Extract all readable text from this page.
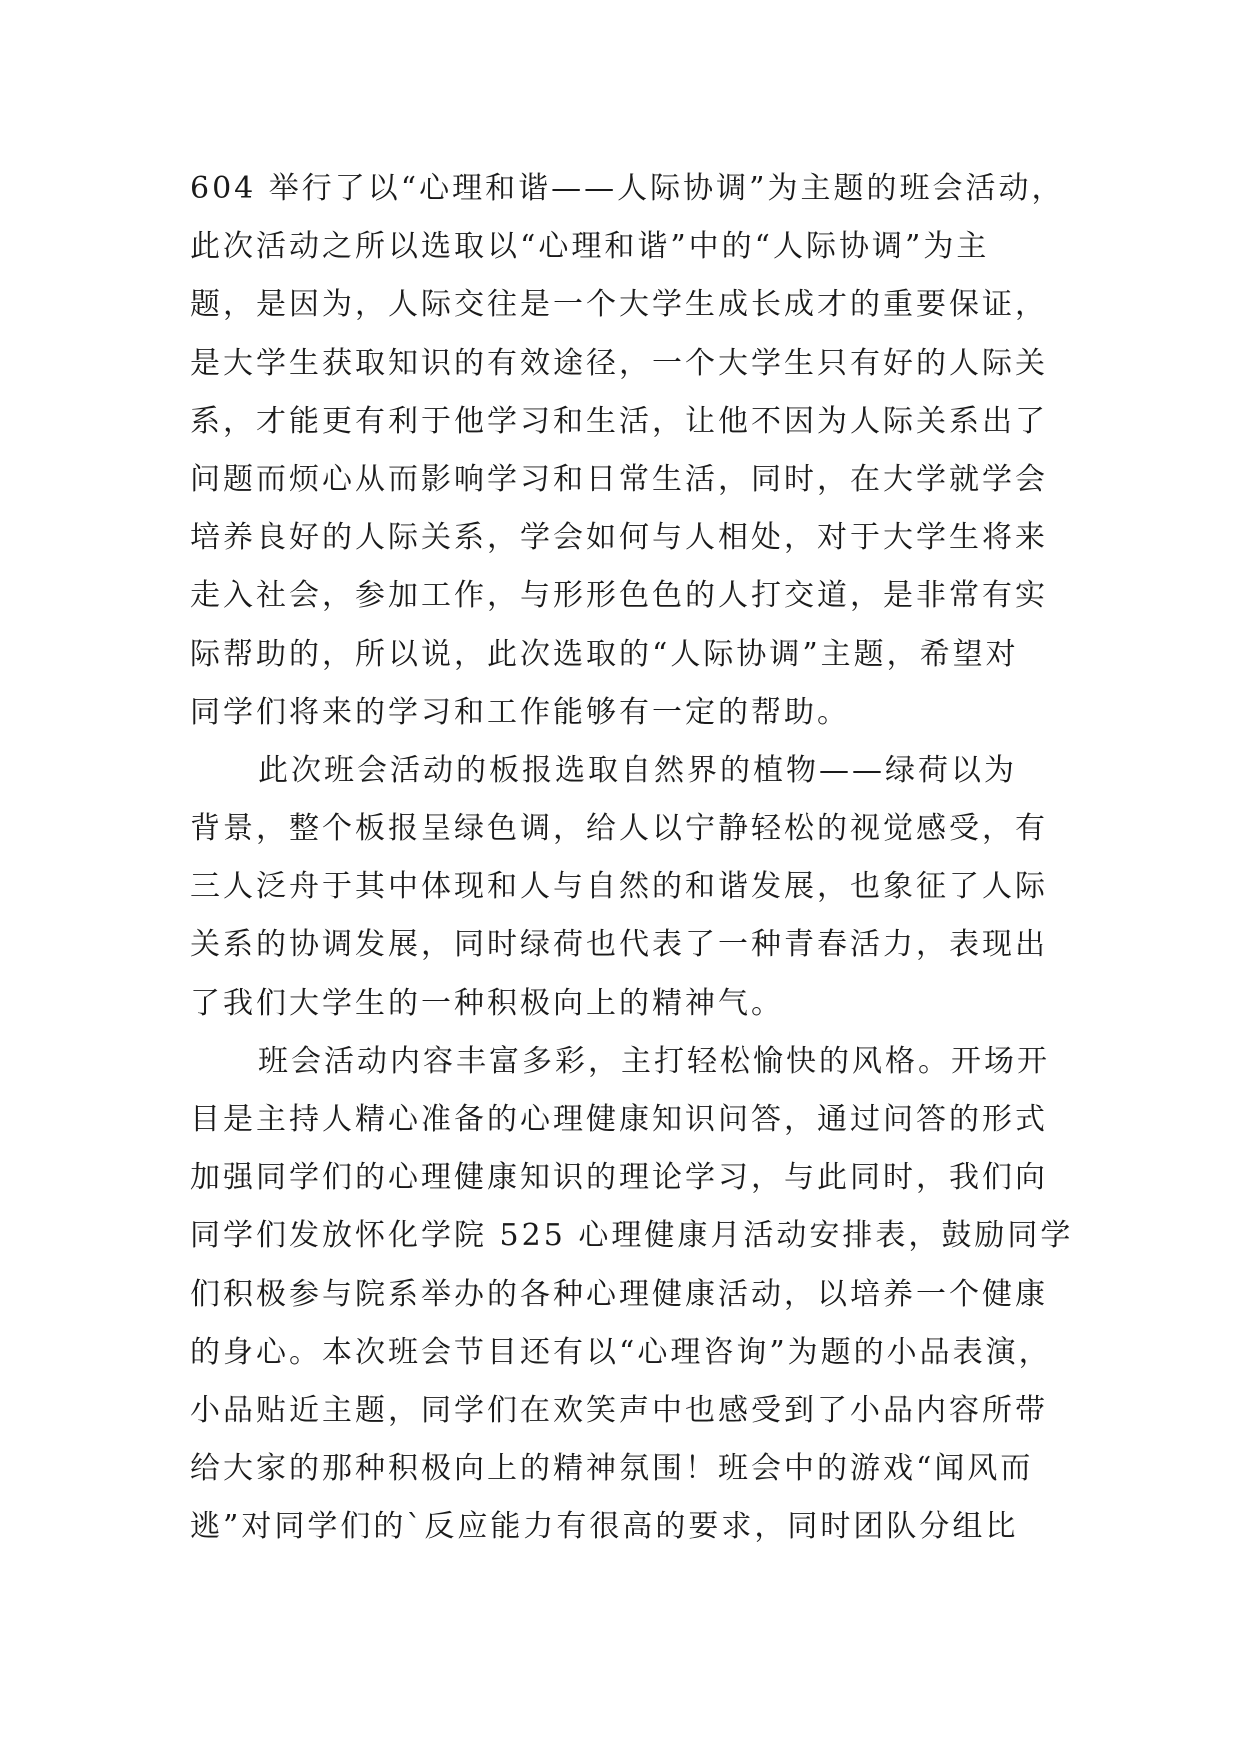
604 举行了以“心理和谐——人际协调”为主题的班会活动，
此次活动之所以选取以“心理和谐”中的“人际协调”为主
题，是因为，人际交往是一个大学生成长成才的重要保证，
是大学生获取知识的有效途径，一个大学生只有好的人际关
系，才能更有利于他学习和生活，让他不因为人际关系出了
问题而烦心从而影响学习和日常生活，同时，在大学就学会
培养良好的人际关系，学会如何与人相处，对于大学生将来
走入社会，参加工作，与形形色色的人打交道，是非常有实
际帮助的，所以说，此次选取的“人际协调”主题，希望对
同学们将来的学习和工作能够有一定的帮助。
此次班会活动的板报选取自然界的植物——绿荷以为
背景，整个板报呈绿色调，给人以宁静轻松的视觉感受，有
三人泛舟于其中体现和人与自然的和谐发展，也象征了人际
关系的协调发展，同时绿荷也代表了一种青春活力，表现出
了我们大学生的一种积极向上的精神气。
班会活动内容丰富多彩，主打轻松愉快的风格。开场开
目是主持人精心准备的心理健康知识问答，通过问答的形式
加强同学们的心理健康知识的理论学习，与此同时，我们向
同学们发放怀化学院 525 心理健康月活动安排表，鼓励同学
们积极参与院系举办的各种心理健康活动，以培养一个健康
的身心。本次班会节目还有以“心理咨询”为题的小品表演，
小品贴近主题，同学们在欢笑声中也感受到了小品内容所带
给大家的那种积极向上的精神氛围！班会中的游戏“闻风而
逃”对同学们的`反应能力有很高的要求，同时团队分组比
